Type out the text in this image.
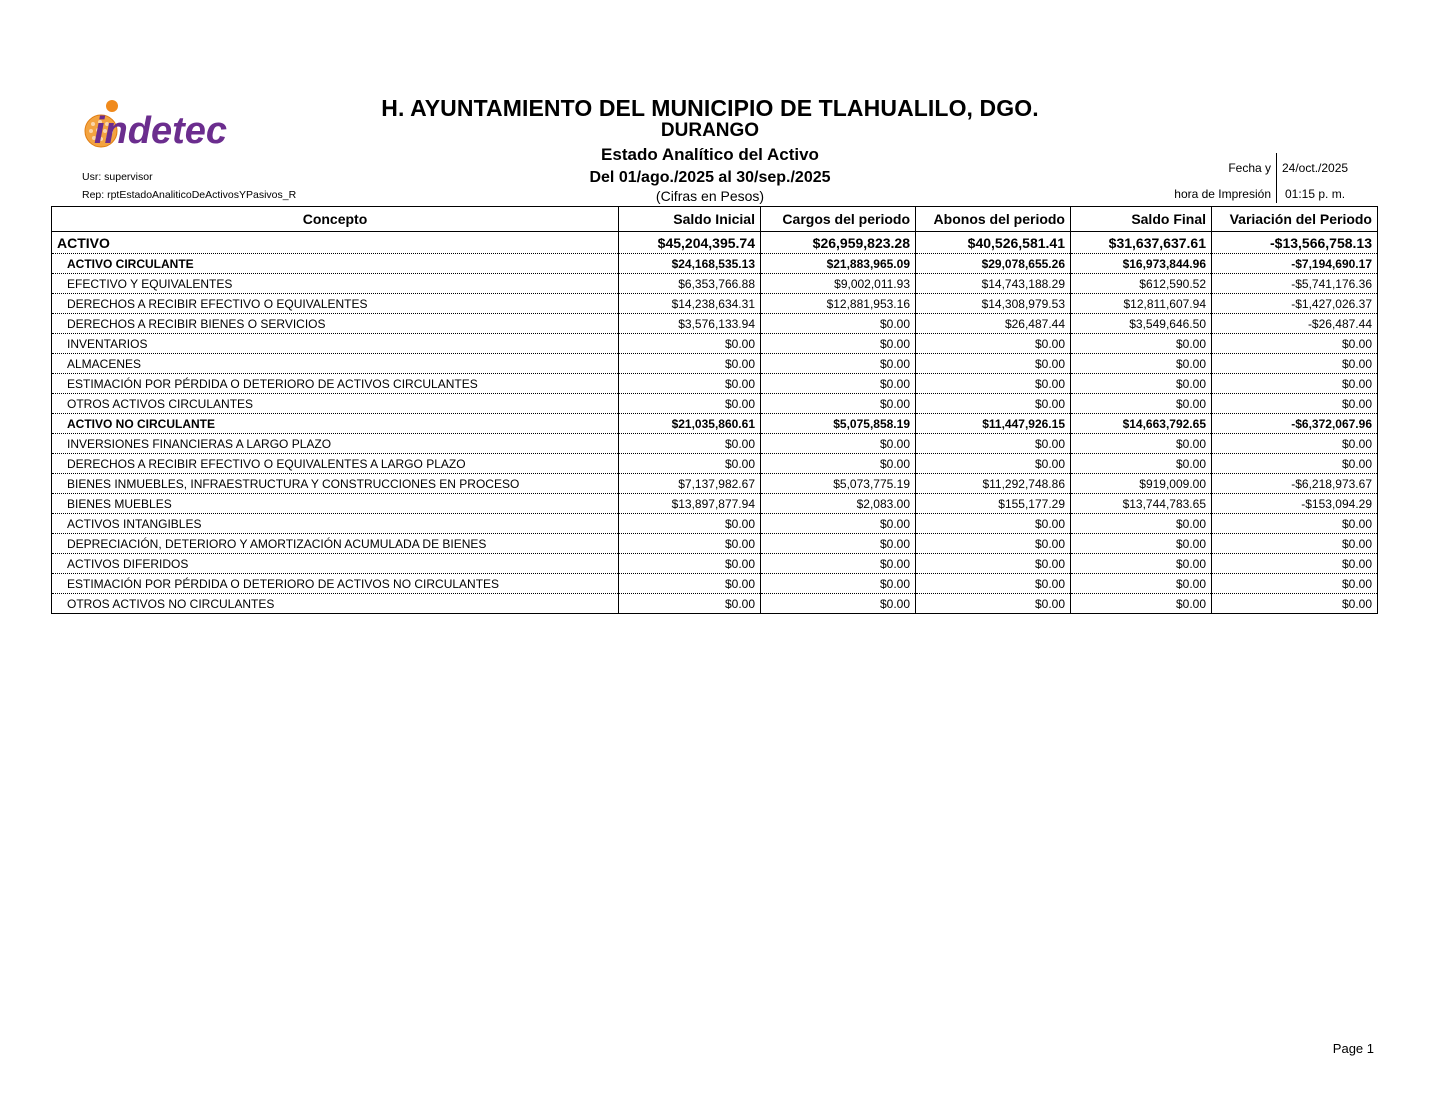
indetec
H. AYUNTAMIENTO DEL MUNICIPIO DE TLAHUALILO, DGO.
DURANGO
Estado Analítico del Activo
Del 01/ago./2025 al 30/sep./2025
(Cifras en Pesos)
Usr: supervisor
Rep: rptEstadoAnaliticoDeActivosYPasivos_R
Fecha y
hora de Impresión
24/oct./2025
01:15 p. m.
Concepto	Saldo Inicial	Cargos del periodo	Abonos del periodo	Saldo Final	Variación del Periodo
ACTIVO	$45,204,395.74	$26,959,823.28	$40,526,581.41	$31,637,637.61	-$13,566,758.13
ACTIVO CIRCULANTE	$24,168,535.13	$21,883,965.09	$29,078,655.26	$16,973,844.96	-$7,194,690.17
EFECTIVO Y EQUIVALENTES	$6,353,766.88	$9,002,011.93	$14,743,188.29	$612,590.52	-$5,741,176.36
DERECHOS A RECIBIR EFECTIVO O EQUIVALENTES	$14,238,634.31	$12,881,953.16	$14,308,979.53	$12,811,607.94	-$1,427,026.37
DERECHOS A RECIBIR BIENES O SERVICIOS	$3,576,133.94	$0.00	$26,487.44	$3,549,646.50	-$26,487.44
INVENTARIOS	$0.00	$0.00	$0.00	$0.00	$0.00
ALMACENES	$0.00	$0.00	$0.00	$0.00	$0.00
ESTIMACIÓN POR PÉRDIDA O DETERIORO DE ACTIVOS CIRCULANTES	$0.00	$0.00	$0.00	$0.00	$0.00
OTROS ACTIVOS CIRCULANTES	$0.00	$0.00	$0.00	$0.00	$0.00
ACTIVO NO CIRCULANTE	$21,035,860.61	$5,075,858.19	$11,447,926.15	$14,663,792.65	-$6,372,067.96
INVERSIONES FINANCIERAS A LARGO PLAZO	$0.00	$0.00	$0.00	$0.00	$0.00
DERECHOS A RECIBIR EFECTIVO O EQUIVALENTES A LARGO PLAZO	$0.00	$0.00	$0.00	$0.00	$0.00
BIENES INMUEBLES, INFRAESTRUCTURA Y CONSTRUCCIONES EN PROCESO	$7,137,982.67	$5,073,775.19	$11,292,748.86	$919,009.00	-$6,218,973.67
BIENES MUEBLES	$13,897,877.94	$2,083.00	$155,177.29	$13,744,783.65	-$153,094.29
ACTIVOS INTANGIBLES	$0.00	$0.00	$0.00	$0.00	$0.00
DEPRECIACIÓN, DETERIORO Y AMORTIZACIÓN ACUMULADA DE BIENES	$0.00	$0.00	$0.00	$0.00	$0.00
ACTIVOS DIFERIDOS	$0.00	$0.00	$0.00	$0.00	$0.00
ESTIMACIÓN POR PÉRDIDA O DETERIORO DE ACTIVOS NO CIRCULANTES	$0.00	$0.00	$0.00	$0.00	$0.00
OTROS ACTIVOS NO CIRCULANTES	$0.00	$0.00	$0.00	$0.00	$0.00
Page 1
